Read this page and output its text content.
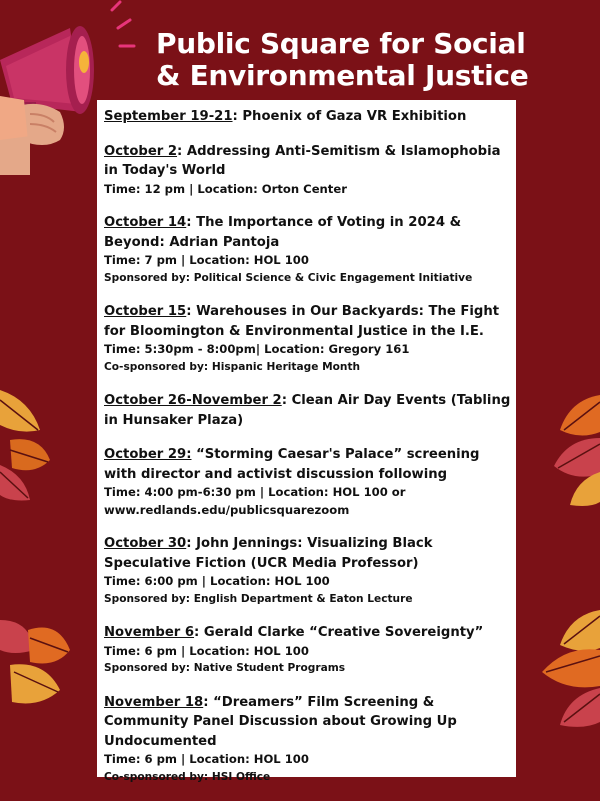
Public Square for Social
& Environmental Justice
September 19-21: Phoenix of Gaza VR Exhibition
October 2: Addressing Anti-Semitism & Islamophobia in Today's World
Time: 12 pm | Location: Orton Center
October 14: The Importance of Voting in 2024 & Beyond: Adrian Pantoja
Time: 7 pm | Location: HOL 100
Sponsored by: Political Science & Civic Engagement Initiative
October 15: Warehouses in Our Backyards: The Fight for Bloomington & Environmental Justice in the I.E.
Time: 5:30pm - 8:00pm| Location: Gregory 161
Co-sponsored by: Hispanic Heritage Month
October 26-November 2: Clean Air Day Events (Tabling in Hunsaker Plaza)
October 29: “Storming Caesar's Palace” screening with director and activist discussion following
Time: 4:00 pm-6:30 pm | Location: HOL 100 or
www.redlands.edu/publicsquarezoom
October 30: John Jennings: Visualizing Black Speculative Fiction (UCR Media Professor)
Time: 6:00 pm | Location: HOL 100
Sponsored by: English Department & Eaton Lecture
November 6: Gerald Clarke “Creative Sovereignty”
Time: 6 pm | Location: HOL 100
Sponsored by: Native Student Programs
November 18: “Dreamers” Film Screening & Community Panel Discussion about Growing Up Undocumented
Time: 6 pm | Location: HOL 100
Co-sponsored by: HSI Office
